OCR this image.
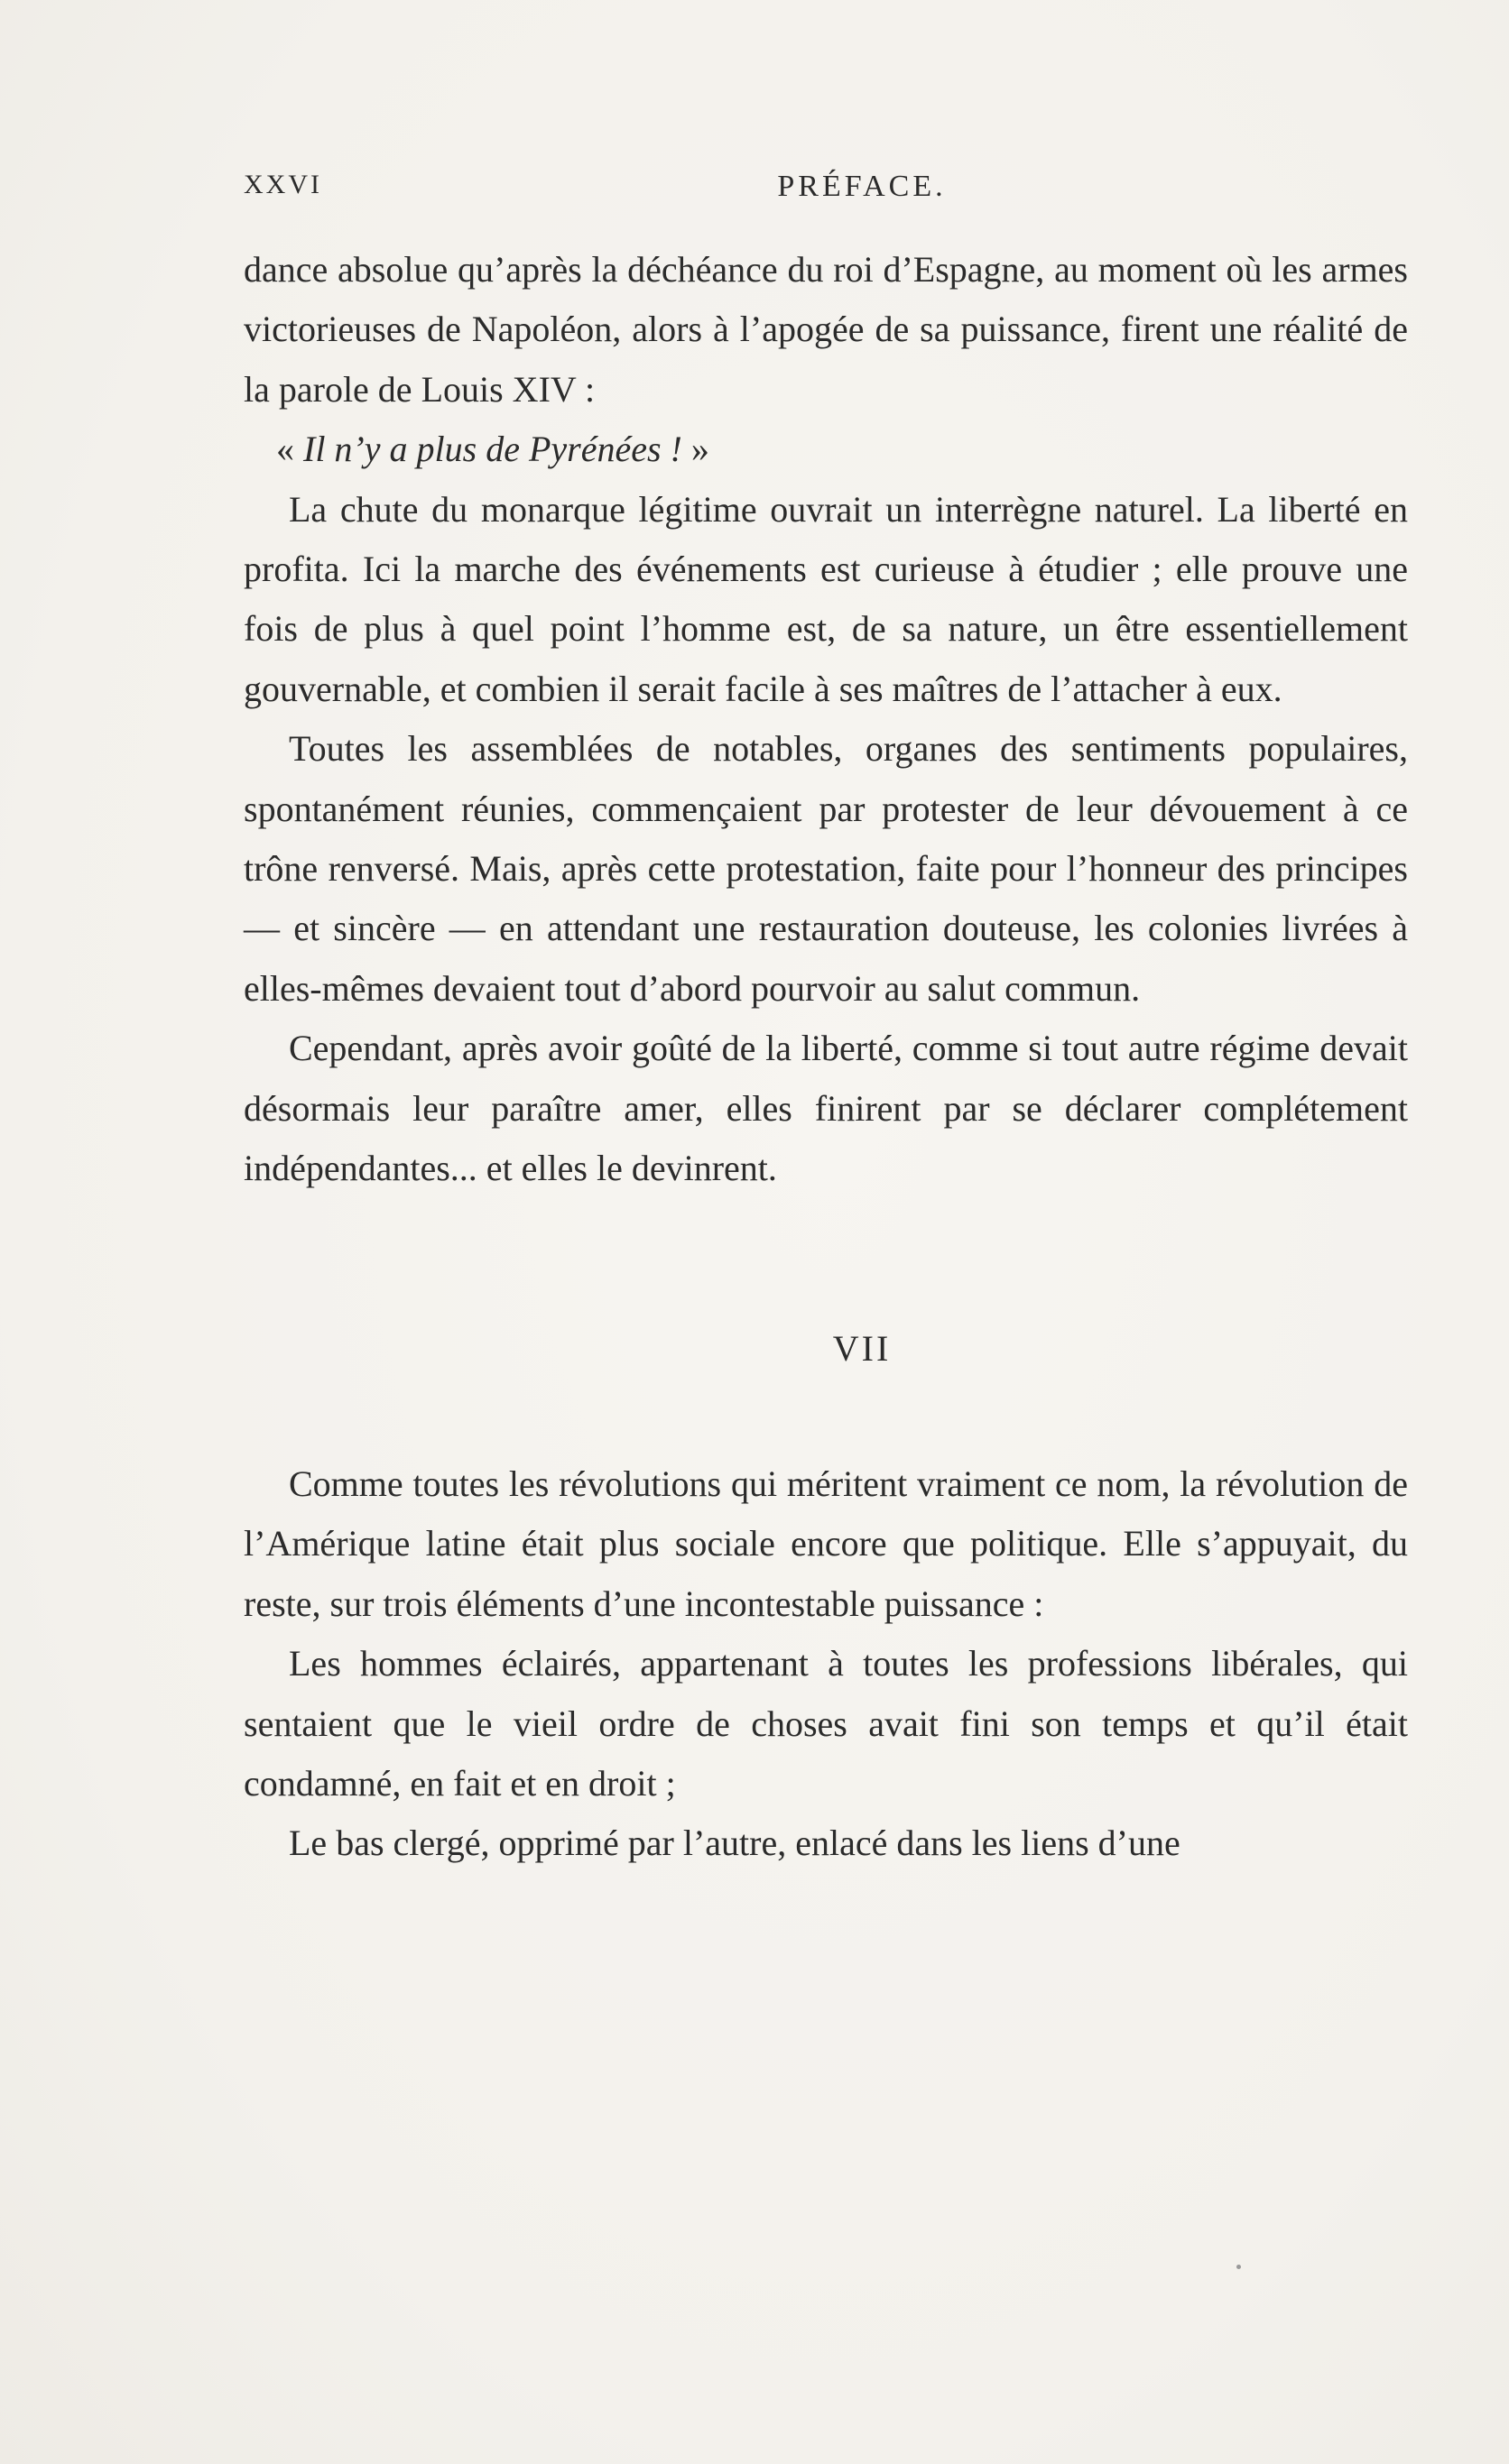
XXVI	PRÉFACE.

dance absolue qu’après la déchéance du roi d’Espagne, au moment où les armes victorieuses de Napoléon, alors à l’apogée de sa puissance, firent une réalité de la parole de Louis XIV :

« Il n’y a plus de Pyrénées ! »

La chute du monarque légitime ouvrait un interrègne naturel. La liberté en profita. Ici la marche des événements est curieuse à étudier ; elle prouve une fois de plus à quel point l’homme est, de sa nature, un être essentiellement gouvernable, et combien il serait facile à ses maîtres de l’attacher à eux.

Toutes les assemblées de notables, organes des sentiments populaires, spontanément réunies, commençaient par protester de leur dévouement à ce trône renversé. Mais, après cette protestation, faite pour l’honneur des principes — et sincère — en attendant une restauration douteuse, les colonies livrées à elles-mêmes devaient tout d’abord pourvoir au salut commun.

Cependant, après avoir goûté de la liberté, comme si tout autre régime devait désormais leur paraître amer, elles finirent par se déclarer complétement indépendantes... et elles le devinrent.

VII

Comme toutes les révolutions qui méritent vraiment ce nom, la révolution de l’Amérique latine était plus sociale encore que politique. Elle s’appuyait, du reste, sur trois éléments d’une incontestable puissance :

Les hommes éclairés, appartenant à toutes les professions libérales, qui sentaient que le vieil ordre de choses avait fini son temps et qu’il était condamné, en fait et en droit ;

Le bas clergé, opprimé par l’autre, enlacé dans les liens d’une
